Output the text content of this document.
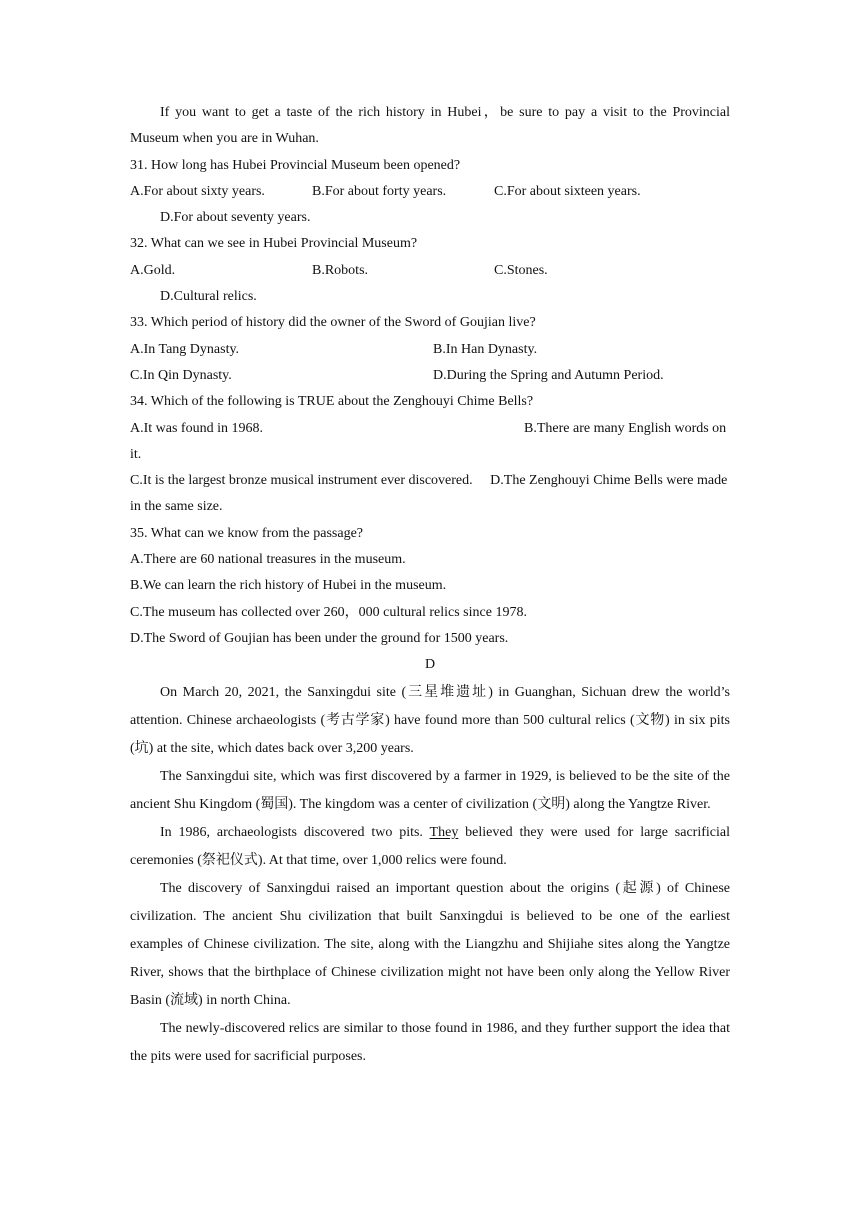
If you want to get a taste of the rich history in Hubei，be sure to pay a visit to the Provincial Museum when you are in Wuhan.

31. How long has Hubei Provincial Museum been opened?

A.For about sixty years.	B.For about forty years.	C.For about sixteen years.

D.For about seventy years.

32. What can we see in Hubei Provincial Museum?

A.Gold.	B.Robots.	C.Stones.

D.Cultural relics.

33. Which period of history did the owner of the Sword of Goujian live?

A.In Tang Dynasty.	B.In Han Dynasty.
C.In Qin Dynasty.	D.During the Spring and Autumn Period.

34. Which of the following is TRUE about the Zenghouyi Chime Bells?

A.It was found in 1968.	B.There are many English words on it.

C.It is the largest bronze musical instrument ever discovered. D.The Zenghouyi Chime Bells were made in the same size.

35. What can we know from the passage?

A.There are 60 national treasures in the museum.

B.We can learn the rich history of Hubei in the museum.

C.The museum has collected over 260，000 cultural relics since 1978.

D.The Sword of Goujian has been under the ground for 1500 years.

D

On March 20, 2021, the Sanxingdui site (三星堆遗址) in Guanghan, Sichuan drew the world’s attention. Chinese archaeologists (考古学家) have found more than 500 cultural relics (文物) in six pits (坑) at the site, which dates back over 3,200 years.

The Sanxingdui site, which was first discovered by a farmer in 1929, is believed to be the site of the ancient Shu Kingdom (蜀国). The kingdom was a center of civilization (文明) along the Yangtze River.

In 1986, archaeologists discovered two pits. They believed they were used for large sacrificial ceremonies (祭祀仪式). At that time, over 1,000 relics were found.

The discovery of Sanxingdui raised an important question about the origins (起源) of Chinese civilization. The ancient Shu civilization that built Sanxingdui is believed to be one of the earliest examples of Chinese civilization. The site, along with the Liangzhu and Shijiahe sites along the Yangtze River, shows that the birthplace of Chinese civilization might not have been only along the Yellow River Basin (流域) in north China.

The newly-discovered relics are similar to those found in 1986, and they further support the idea that the pits were used for sacrificial purposes.
